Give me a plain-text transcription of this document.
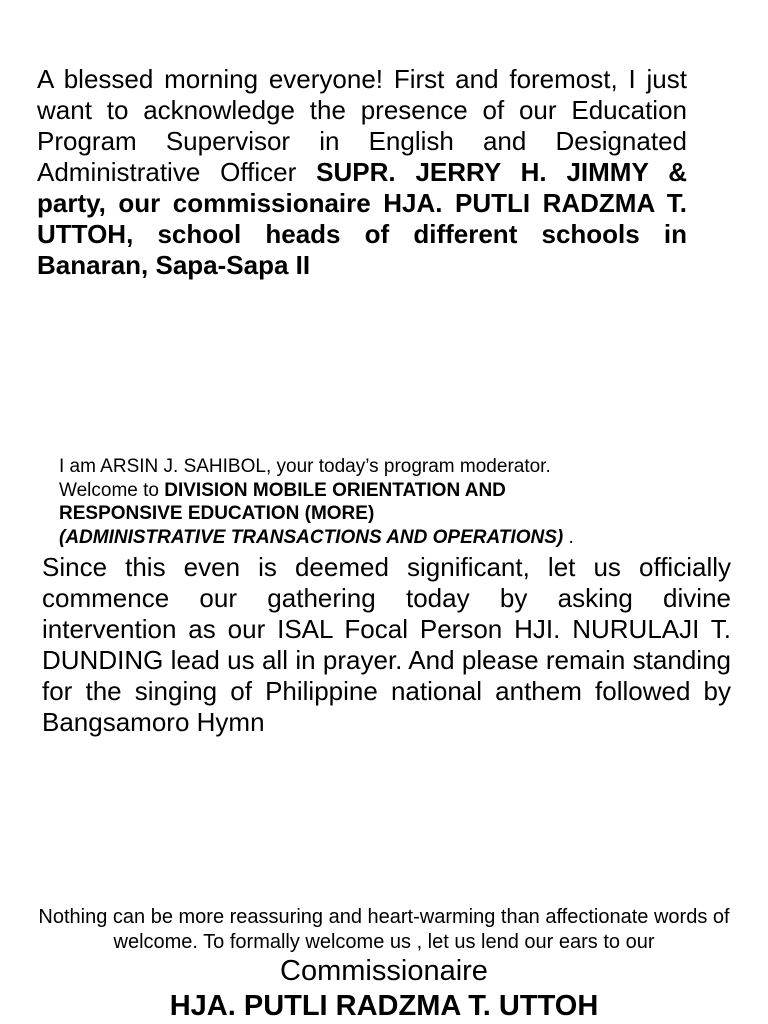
A blessed morning everyone! First and foremost, I just want to acknowledge the presence of our Education Program Supervisor in English and Designated Administrative Officer SUPR. JERRY H. JIMMY & party, our commissionaire HJA. PUTLI RADZMA T. UTTOH, school heads of different schools in Banaran, Sapa-Sapa II

I am ARSIN J. SAHIBOL, your today’s program moderator.
Welcome to DIVISION MOBILE ORIENTATION AND
RESPONSIVE EDUCATION (MORE)
(ADMINISTRATIVE TRANSACTIONS AND OPERATIONS) .

Since this even is deemed significant, let us officially commence our gathering today by asking divine intervention as our ISAL Focal Person HJI. NURULAJI T. DUNDING lead us all in prayer. And please remain standing for the singing of Philippine national anthem followed by Bangsamoro Hymn

Nothing can be more reassuring and heart-warming than affectionate words of welcome. To formally welcome us , let us lend our ears to our

Commissionaire
HJA. PUTLI RADZMA T. UTTOH
